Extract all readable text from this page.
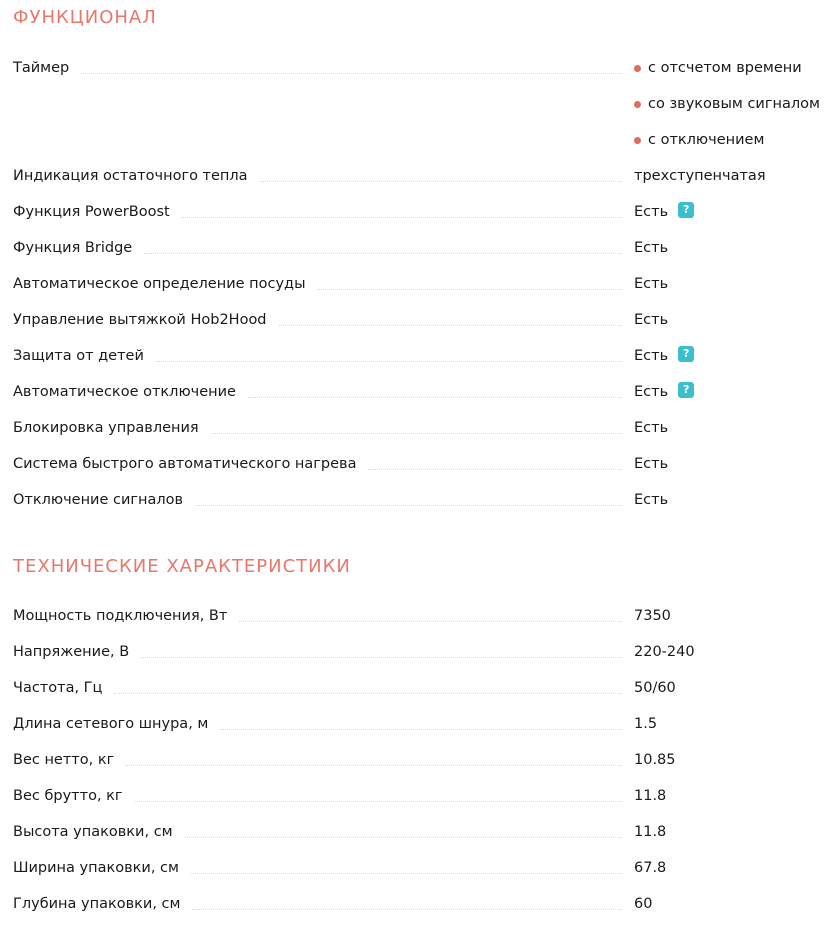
ФУНКЦИОНАЛ
Таймер	с отсчетом времени
со звуковым сигналом
с отключением
Индикация остаточного тепла	трехступенчатая
Функция PowerBoost	Есть	?
Функция Bridge	Есть
Автоматическое определение посуды	Есть
Управление вытяжкой Hob2Hood	Есть
Защита от детей	Есть	?
Автоматическое отключение	Есть	?
Блокировка управления	Есть
Система быстрого автоматического нагрева	Есть
Отключение сигналов	Есть
ТЕХНИЧЕСКИЕ ХАРАКТЕРИСТИКИ
Мощность подключения, Вт	7350
Напряжение, В	220-240
Частота, Гц	50/60
Длина сетевого шнура, м	1.5
Вес нетто, кг	10.85
Вес брутто, кг	11.8
Высота упаковки, см	11.8
Ширина упаковки, см	67.8
Глубина упаковки, см	60
